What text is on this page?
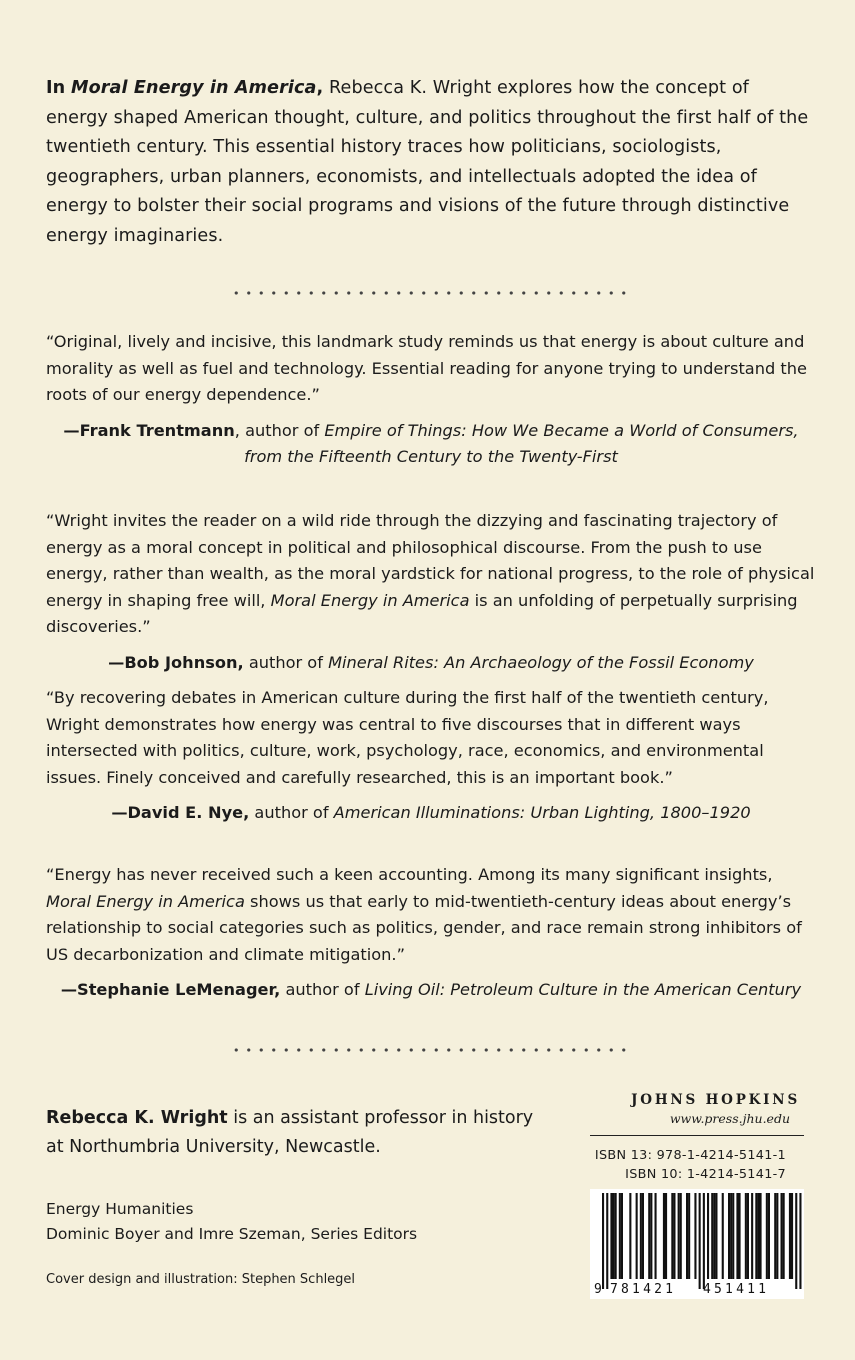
In Moral Energy in America, Rebecca K. Wright explores how the concept of energy shaped American thought, culture, and politics throughout the first half of the twentieth century. This essential history traces how politicians, sociologists, geographers, urban planners, economists, and intellectuals adopted the idea of energy to bolster their social programs and visions of the future through distinctive energy imaginaries.

“Original, lively and incisive, this landmark study reminds us that energy is about culture and morality as well as fuel and technology. Essential reading for anyone trying to understand the roots of our energy dependence.”

—Frank Trentmann, author of Empire of Things: How We Became a World of Consumers,
from the Fifteenth Century to the Twenty-First

“Wright invites the reader on a wild ride through the dizzying and fascinating trajectory of energy as a moral concept in political and philosophical discourse. From the push to use energy, rather than wealth, as the moral yardstick for national progress, to the role of physical energy in shaping free will, Moral Energy in America is an unfolding of perpetually surprising discoveries.”

—Bob Johnson, author of Mineral Rites: An Archaeology of the Fossil Economy

“By recovering debates in American culture during the first half of the twentieth century, Wright demonstrates how energy was central to five discourses that in different ways intersected with politics, culture, work, psychology, race, economics, and environmental issues. Finely conceived and carefully researched, this is an important book.”

—David E. Nye, author of American Illuminations: Urban Lighting, 1800–1920

“Energy has never received such a keen accounting. Among its many significant insights, Moral Energy in America shows us that early to mid-twentieth-century ideas about energy’s relationship to social categories such as politics, gender, and race remain strong inhibitors of US decarbonization and climate mitigation.”

—Stephanie LeMenager, author of Living Oil: Petroleum Culture in the American Century

Rebecca K. Wright is an assistant professor in history at Northumbria University, Newcastle.

Energy Humanities
Dominic Boyer and Imre Szeman, Series Editors
Cover design and illustration: Stephen Schlegel
JOHNS HOPKINS
www.press.jhu.edu
ISBN 13: 978-1-4214-5141-1
ISBN 10: 1-4214-5141-7
9 781421 451411
